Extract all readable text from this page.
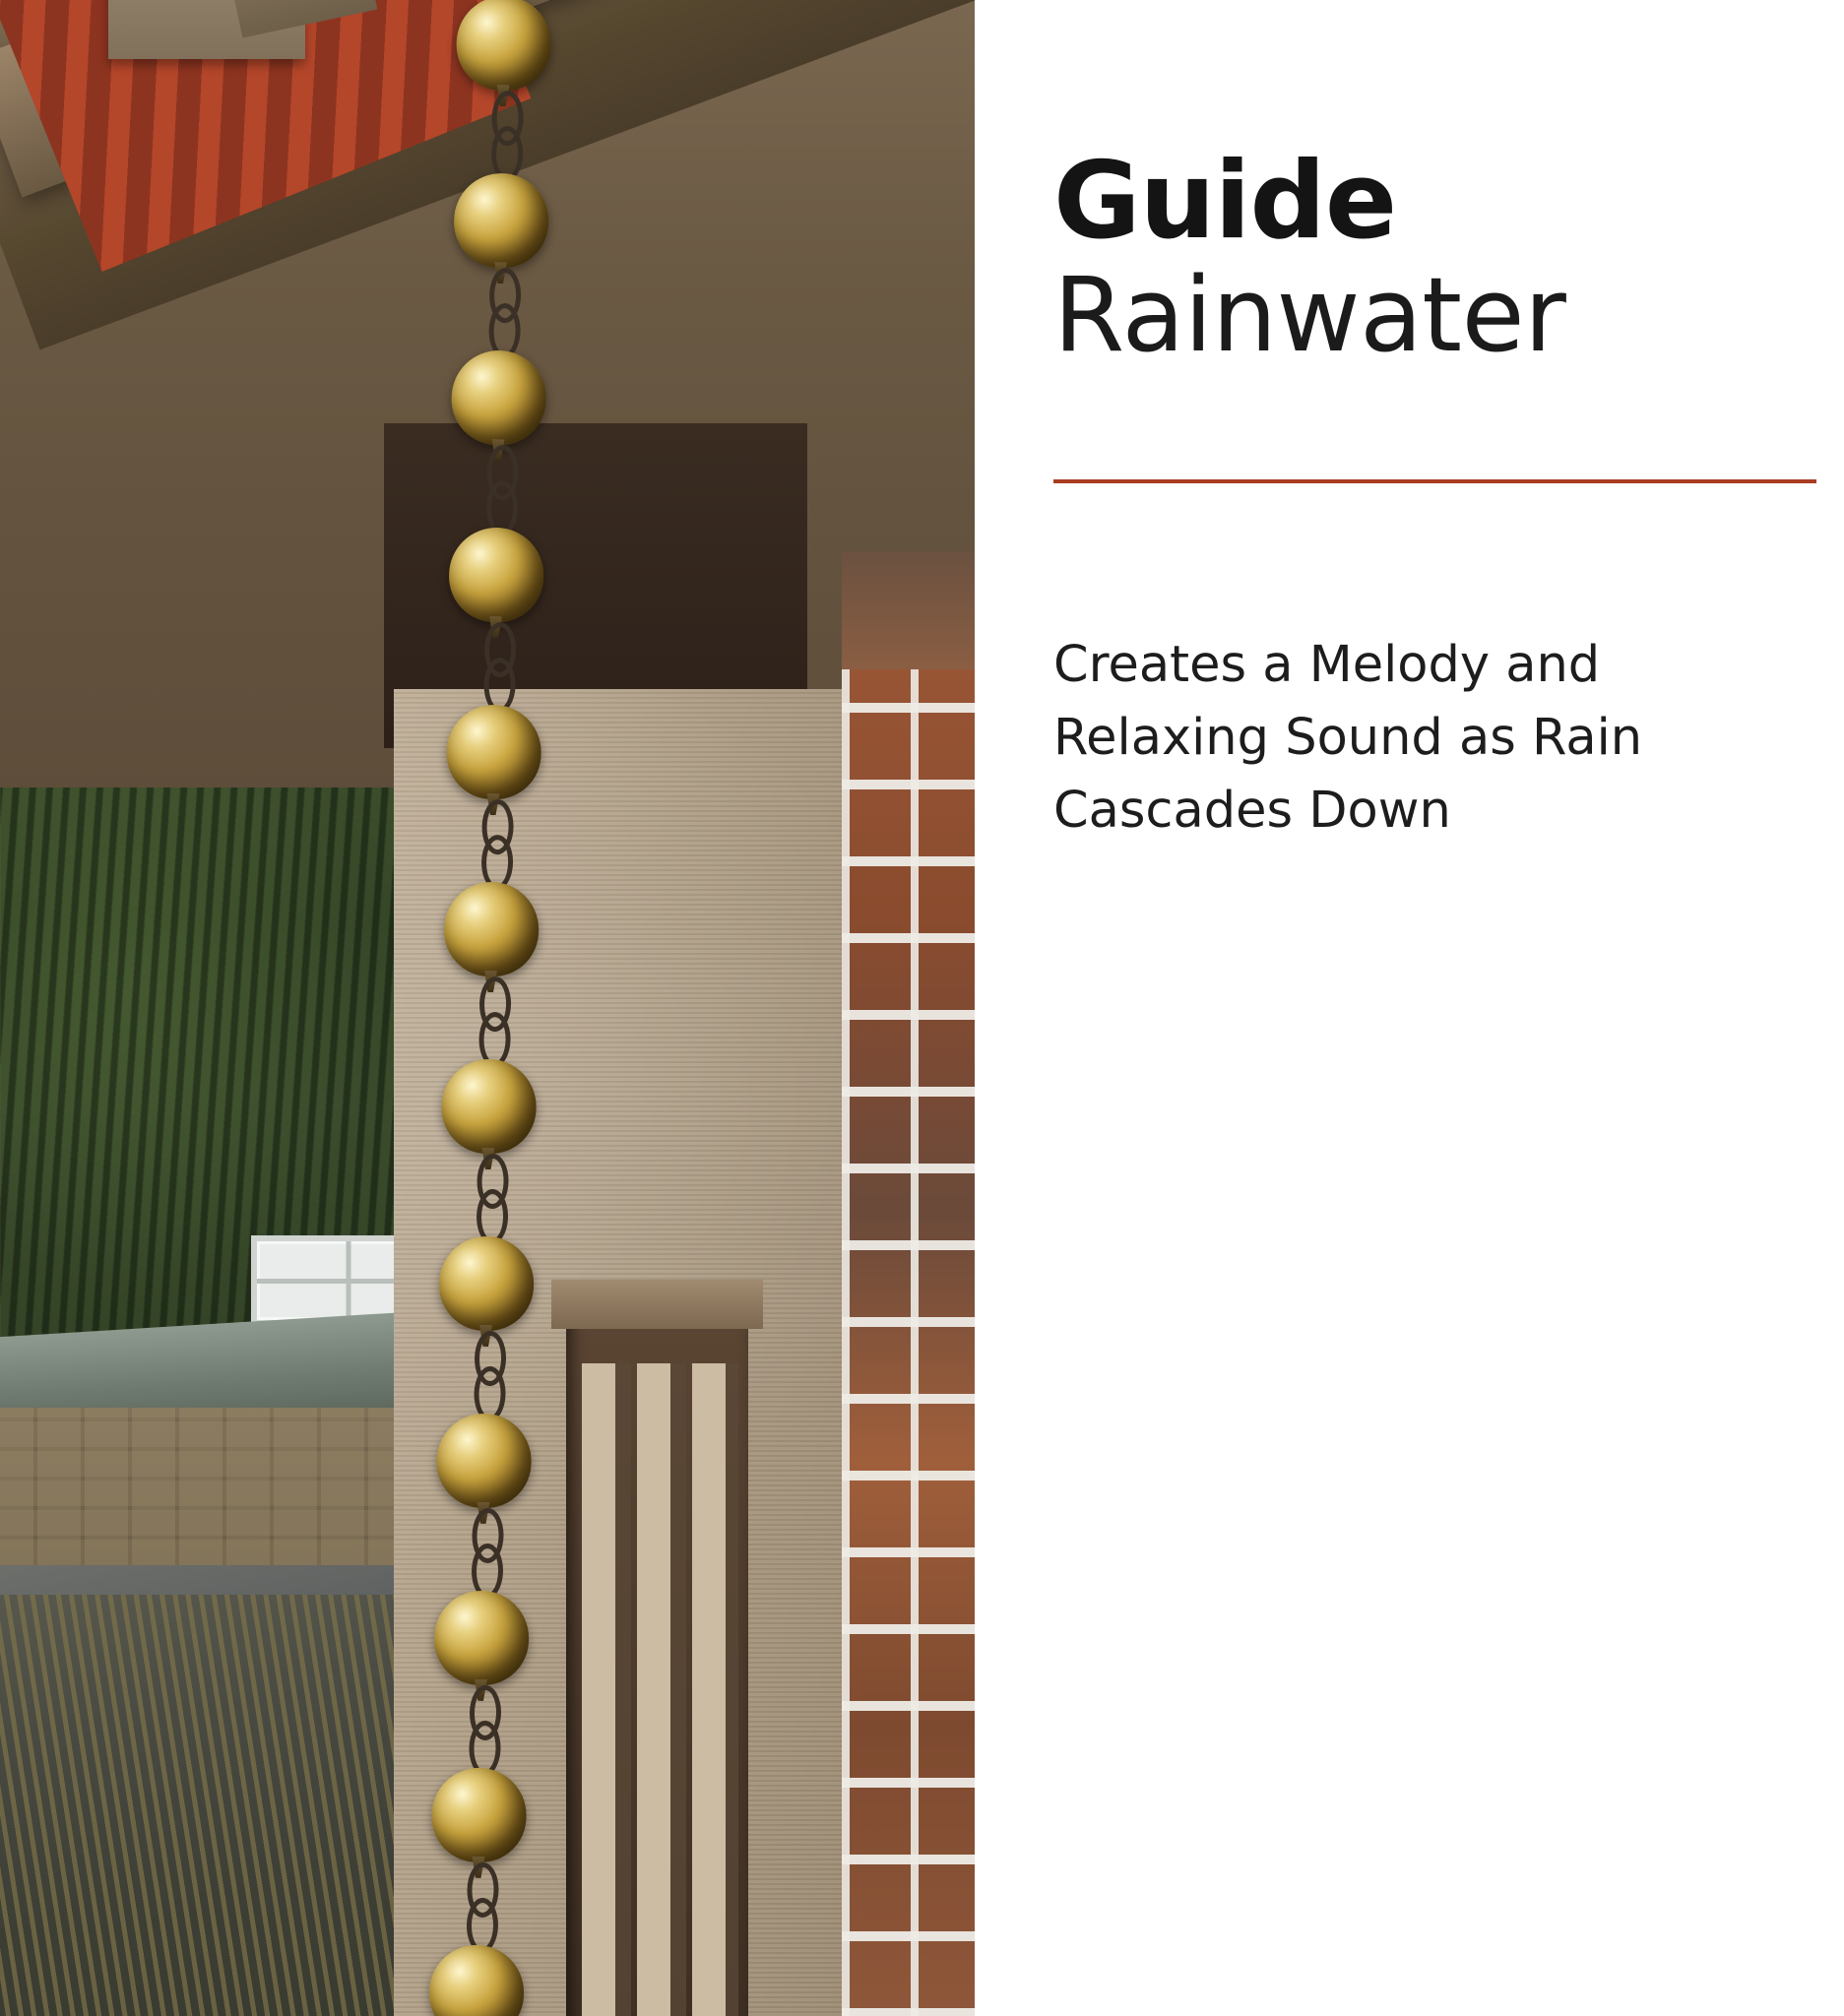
Guide
Rainwater

Creates a Melody and Relaxing Sound as Rain Cascades Down
